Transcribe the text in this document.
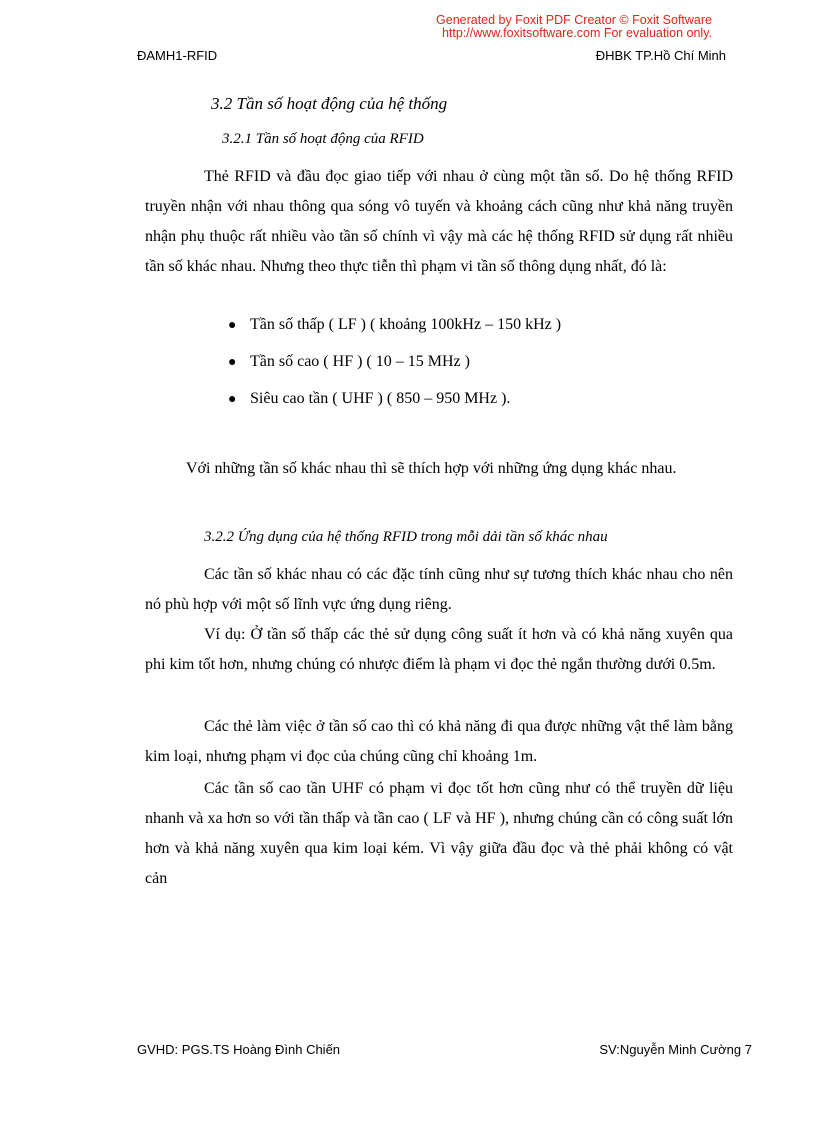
Generated by Foxit PDF Creator © Foxit Software
http://www.foxitsoftware.com For evaluation only.
ĐAMH1-RFID	ĐHBK TP.Hồ Chí Minh
3.2 Tần số hoạt động của hệ thống
3.2.1 Tần số hoạt động của RFID

Thẻ RFID và đầu đọc giao tiếp với nhau ở cùng một tần số. Do hệ thống RFID truyền nhận với nhau thông qua sóng vô tuyến và khoảng cách cũng như khả năng truyền nhận phụ thuộc rất nhiều vào tần số chính vì vậy mà các hệ thống RFID sử dụng rất nhiều tần số khác nhau. Nhưng theo thực tiễn thì phạm vi tần số thông dụng nhất, đó là:

● Tần số thấp ( LF ) ( khoảng 100kHz – 150 kHz )
● Tần số cao ( HF ) ( 10 – 15 MHz )
● Siêu cao tần ( UHF ) ( 850 – 950 MHz ).
Với những tần số khác nhau thì sẽ thích hợp với những ứng dụng khác nhau.
3.2.2 Ứng dụng của hệ thống RFID trong mỗi dải tần số khác nhau

Các tần số khác nhau có các đặc tính cũng như sự tương thích khác nhau cho nên nó phù hợp với một số lĩnh vực ứng dụng riêng.

Ví dụ: Ở tần số thấp các thẻ sử dụng công suất ít hơn và có khả năng xuyên qua phi kim tốt hơn, nhưng chúng có nhược điểm là phạm vi đọc thẻ ngắn thường dưới 0.5m.

Các thẻ làm việc ở tần số cao thì có khả năng đi qua được những vật thể làm bằng kim loại, nhưng phạm vi đọc của chúng cũng chỉ khoảng 1m.

Các tần số cao tần UHF có phạm vi đọc tốt hơn cũng như có thể truyền dữ liệu nhanh và xa hơn so với tần thấp và tần cao ( LF và HF ), nhưng chúng cần có công suất lớn hơn và khả năng xuyên qua kim loại kém. Vì vậy giữa đầu đọc và thẻ phải không có vật cản

GVHD: PGS.TS Hoàng Đình Chiến	SV:Nguyễn Minh Cường 7
